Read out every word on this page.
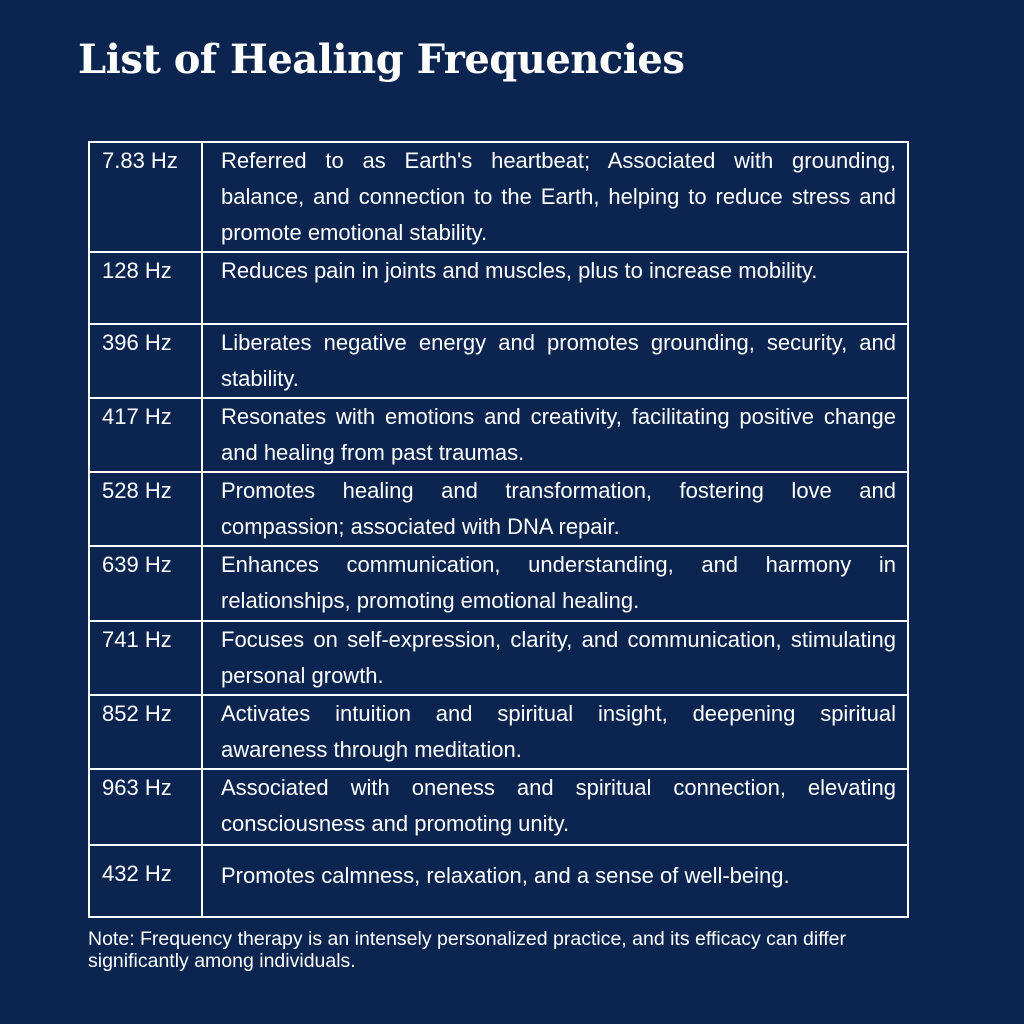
List of Healing Frequencies
7.83 Hz	Referred to as Earth's heartbeat; Associated with grounding, balance, and connection to the Earth, helping to reduce stress and promote emotional stability.
128 Hz	Reduces pain in joints and muscles, plus to increase mobility.
396 Hz	Liberates negative energy and promotes grounding, security, and stability.
417 Hz	Resonates with emotions and creativity, facilitating positive change and healing from past traumas.
528 Hz	Promotes healing and transformation, fostering love and compassion; associated with DNA repair.
639 Hz	Enhances communication, understanding, and harmony in relationships, promoting emotional healing.
741 Hz	Focuses on self-expression, clarity, and communication, stimulating personal growth.
852 Hz	Activates intuition and spiritual insight, deepening spiritual awareness through meditation.
963 Hz	Associated with oneness and spiritual connection, elevating consciousness and promoting unity.
432 Hz	Promotes calmness, relaxation, and a sense of well-being.

Note: Frequency therapy is an intensely personalized practice, and its efficacy can differ significantly among individuals.
